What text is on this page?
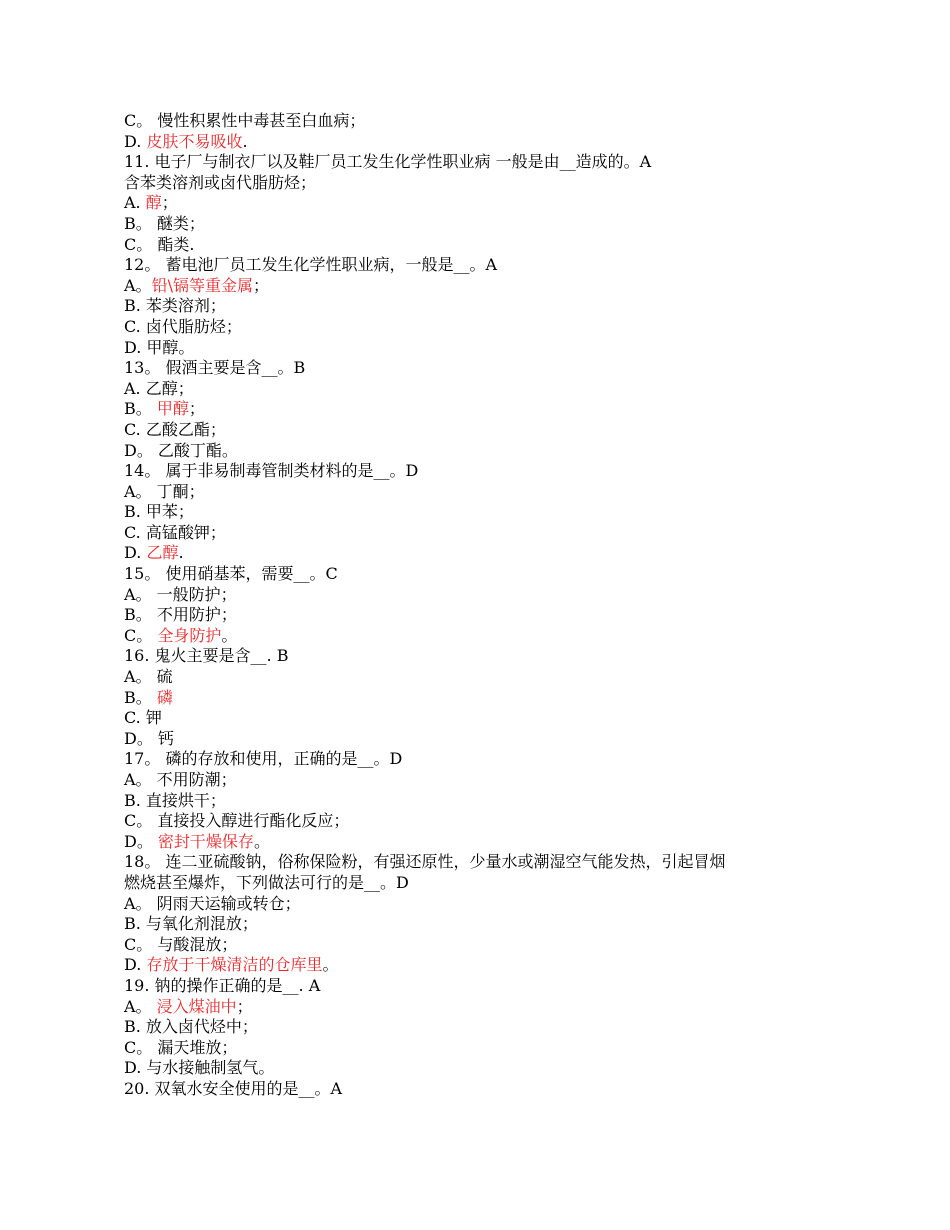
C。 慢性积累性中毒甚至白血病；
D. 皮肤不易吸收.
11. 电子厂与制衣厂以及鞋厂员工发生化学性职业病 一般是由__造成的。A
含苯类溶剂或卤代脂肪烃；
A. 醇；
B。 醚类；
C。 酯类.
12。 蓄电池厂员工发生化学性职业病，一般是__。A
A。铅\镉等重金属；
B. 苯类溶剂；
C. 卤代脂肪烃；
D. 甲醇。
13。 假酒主要是含__。B
A. 乙醇；
B。 甲醇；
C. 乙酸乙酯；
D。 乙酸丁酯。
14。 属于非易制毒管制类材料的是__。D
A。 丁酮；
B. 甲苯；
C. 高锰酸钾；
D. 乙醇.
15。 使用硝基苯，需要__。C
A。 一般防护；
B。 不用防护；
C。 全身防护。
16. 鬼火主要是含__. B
A。 硫
B。 磷
C. 钾
D。 钙
17。 磷的存放和使用，正确的是__。D
A。 不用防潮；
B. 直接烘干；
C。 直接投入醇进行酯化反应；
D。 密封干燥保存。
18。 连二亚硫酸钠，俗称保险粉，有强还原性，少量水或潮湿空气能发热，引起冒烟
燃烧甚至爆炸，下列做法可行的是__。D
A。 阴雨天运输或转仓；
B. 与氧化剂混放；
C。 与酸混放；
D. 存放于干燥清洁的仓库里。
19. 钠的操作正确的是__. A
A。 浸入煤油中；
B. 放入卤代烃中；
C。 漏天堆放；
D. 与水接触制氢气。
20. 双氧水安全使用的是__。A
